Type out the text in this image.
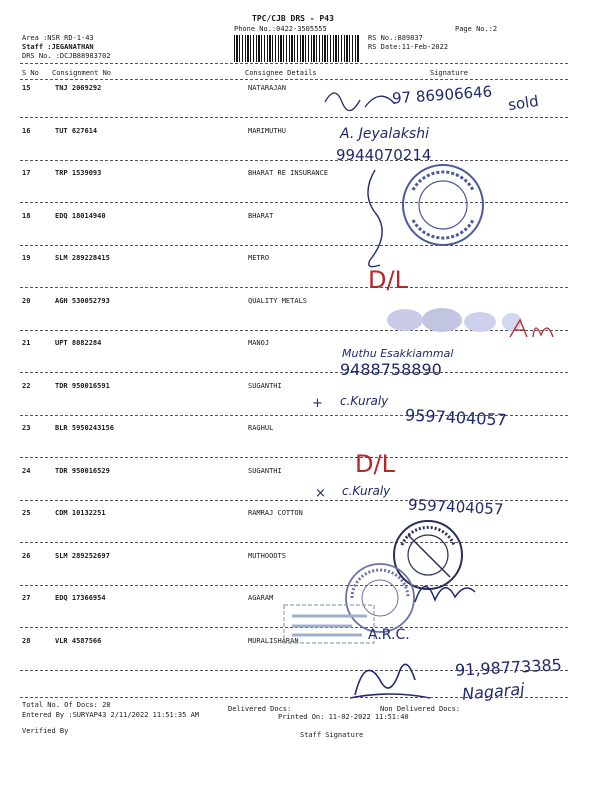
TPC/CJB DRS - P43
Phone No.:0422-3505555	Page No.:2
Area :NSR RD-1-43
Staff :JEGANATHAN
DRS No. :DCJB88983702
RS No.:889837
RS Date:11-Feb-2022
S No Consignment No	Consignee Details	Signature
15	TNJ 2069292	NATARAJAN
16	TUT 627614	MARIMUTHU
17	TRP 1539093	BHARAT RE INSURANCE
18	EDQ 18014940	BHARAT
19	SLM 289228415	METRO
20	AGH 530052793	QUALITY METALS
21	UPT 8082284	MANOJ
22	TDR 950016591	SUGANTHI
23	BLR 5950243156	RAGHUL
24	TDR 950016529	SUGANTHI
25	CDM 10132251	RAMRAJ COTTON
26	SLM 289252697	MUTHOOOTS
27	EDQ 17366954	AGARAM
28	VLR 4587566	MURALISHARAN
97 86906646 sold
A. Jeyalakshi
9944070214
D/L
Muthu Esakkiammal
9488758890
+ c.Kuraly
9597404057
D/L
× c.Kuraly
9597404057
A.R.C.
91,98773385
Nagaraj
Total No. Of Docs: 28	Delivered Docs:	Non Delivered Docs:
Entered By :SURYAP43 2/11/2022 11:51:35 AM	Printed On: 11-02-2022 11:51:40
Verified By	Staff Signature
